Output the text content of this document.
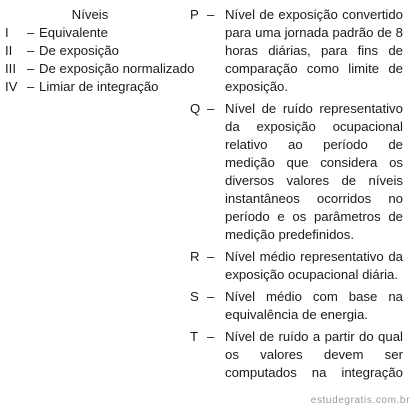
Níveis
I	– Equivalente
II	– De exposição
III – De exposição normalizado
IV – Limiar de integração
P – Nível de exposição convertido para uma jornada padrão de 8 horas diárias, para fins de comparação como limite de exposição.
Q – Nível de ruído representativo da exposição ocupacional relativo ao período de medição que considera os diversos valores de níveis instantâneos ocorridos no período e os parâmetros de medição predefinidos.
R – Nível médio representativo da exposição ocupacional diária.
S – Nível médio com base na equivalência de energia.
T – Nível de ruído a partir do qual os valores devem ser computados na integração
estudegratis.com.br
